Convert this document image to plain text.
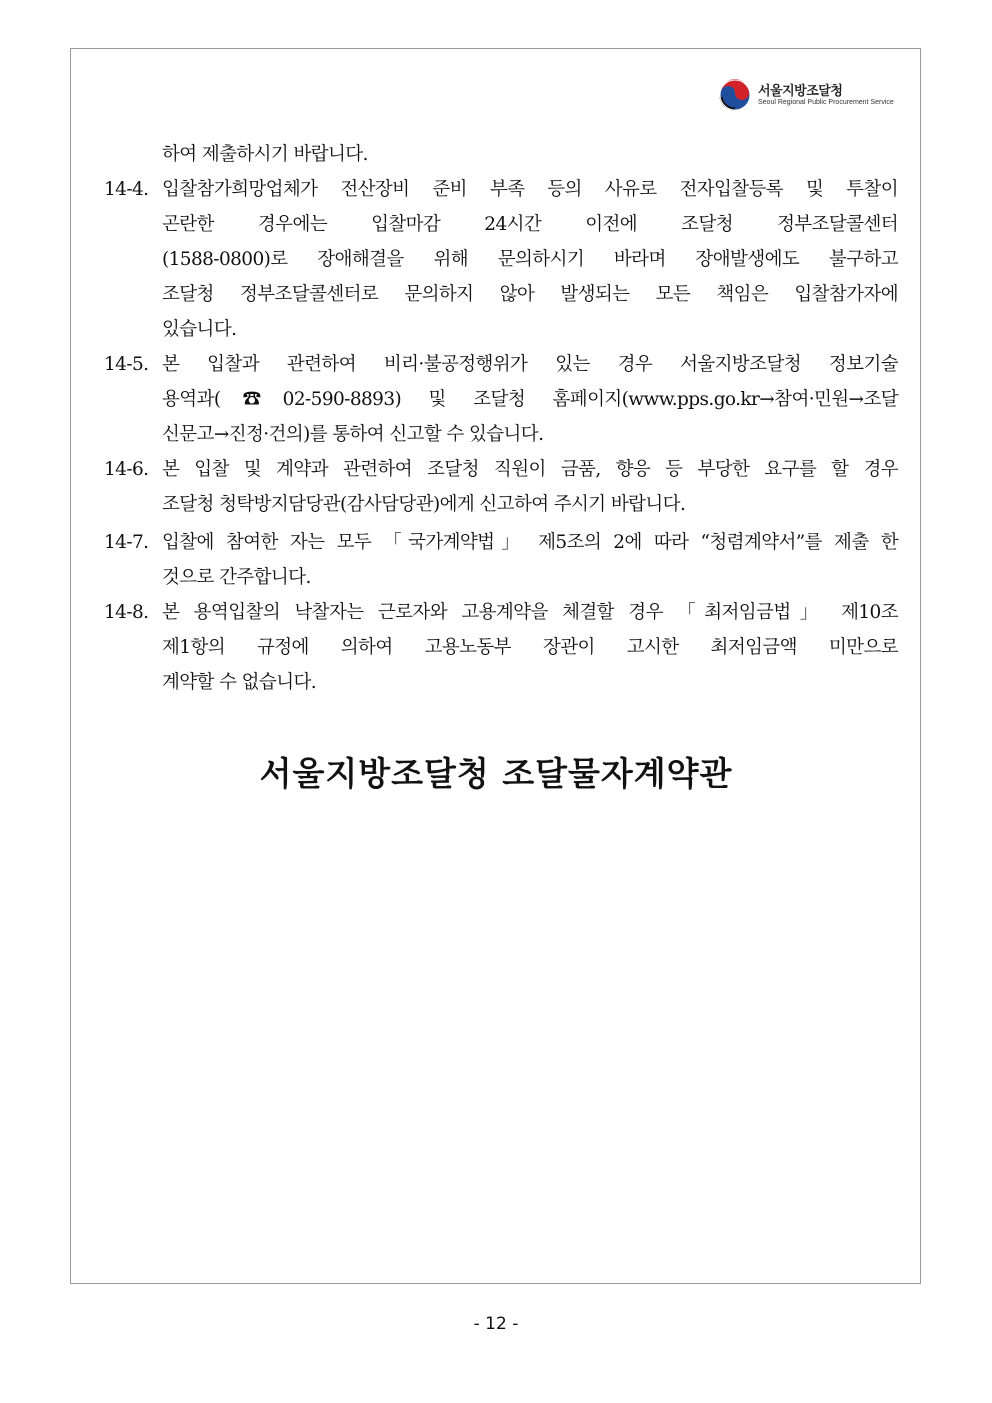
서울지방조달청
Seoul Regional Public Procurement Service
하여 제출하시기 바랍니다.
14-4. 입찰참가희망업체가 전산장비 준비 부족 등의 사유로 전자입찰등록 및 투찰이
곤란한 경우에는 입찰마감 24시간 이전에 조달청 정부조달콜센터
(1588-0800)로 장애해결을 위해 문의하시기 바라며 장애발생에도 불구하고
조달청 정부조달콜센터로 문의하지 않아 발생되는 모든 책임은 입찰참가자에
있습니다.
14-5. 본 입찰과 관련하여 비리·불공정행위가 있는 경우 서울지방조달청 정보기술
용역과(☎02-590-8893) 및 조달청 홈페이지(www.pps.go.kr→참여·민원→조달
신문고→진정·건의)를 통하여 신고할 수 있습니다.
14-6. 본 입찰 및 계약과 관련하여 조달청 직원이 금품, 향응 등 부당한 요구를 할 경우
조달청 청탁방지담당관(감사담당관)에게 신고하여 주시기 바랍니다.
14-7. 입찰에 참여한 자는 모두 「국가계약법」 제5조의 2에 따라 “청렴계약서”를 제출 한
것으로 간주합니다.
14-8. 본 용역입찰의 낙찰자는 근로자와 고용계약을 체결할 경우 「최저임금법」 제10조
제1항의 규정에 의하여 고용노동부 장관이 고시한 최저임금액 미만으로
계약할 수 없습니다.
서울지방조달청 조달물자계약관
- 12 -
